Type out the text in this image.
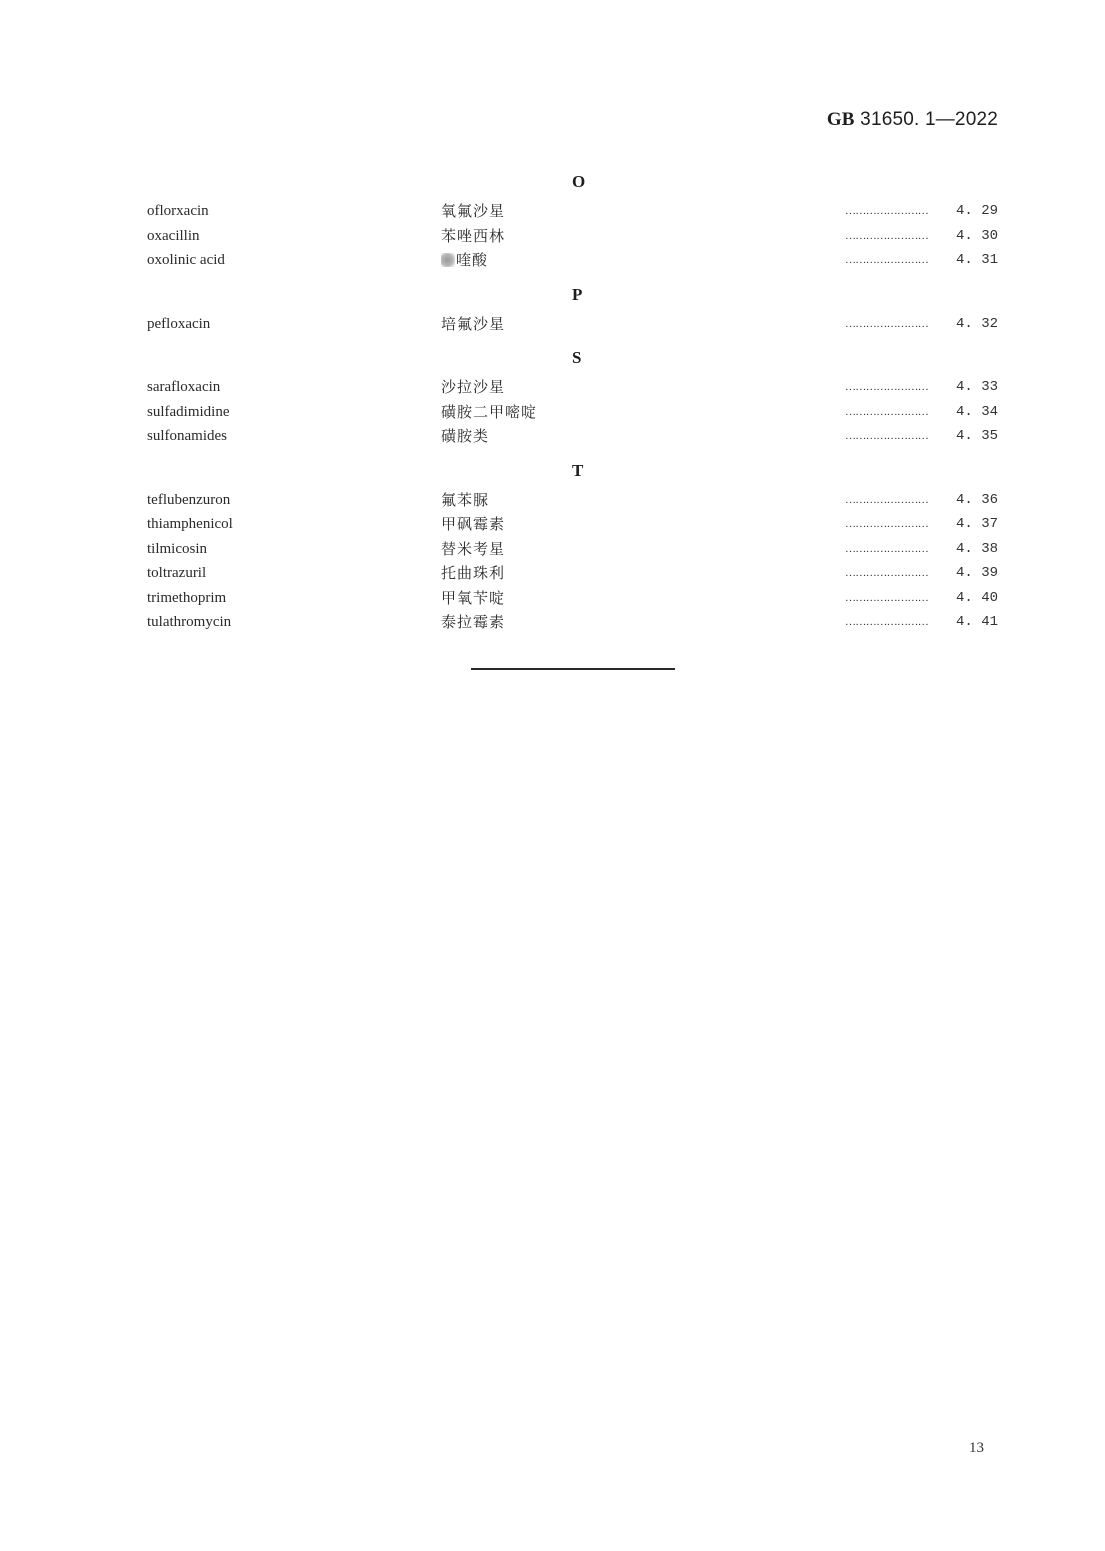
GB 31650. 1—2022
O
oflorxacin	氧氟沙星	…………………… 4. 29
oxacillin	苯唑西林	…………………… 4. 30
oxolinic acid	喹酸	…………………… 4. 31
P
pefloxacin	培氟沙星	…………………… 4. 32
S
sarafloxacin	沙拉沙星	…………………… 4. 33
sulfadimidine	磺胺二甲嘧啶	…………………… 4. 34
sulfonamides	磺胺类	…………………… 4. 35
T
teflubenzuron	氟苯脲	…………………… 4. 36
thiamphenicol	甲砜霉素	…………………… 4. 37
tilmicosin	替米考星	…………………… 4. 38
toltrazuril	托曲珠利	…………………… 4. 39
trimethoprim	甲氧苄啶	…………………… 4. 40
tulathromycin	泰拉霉素	…………………… 4. 41
13
